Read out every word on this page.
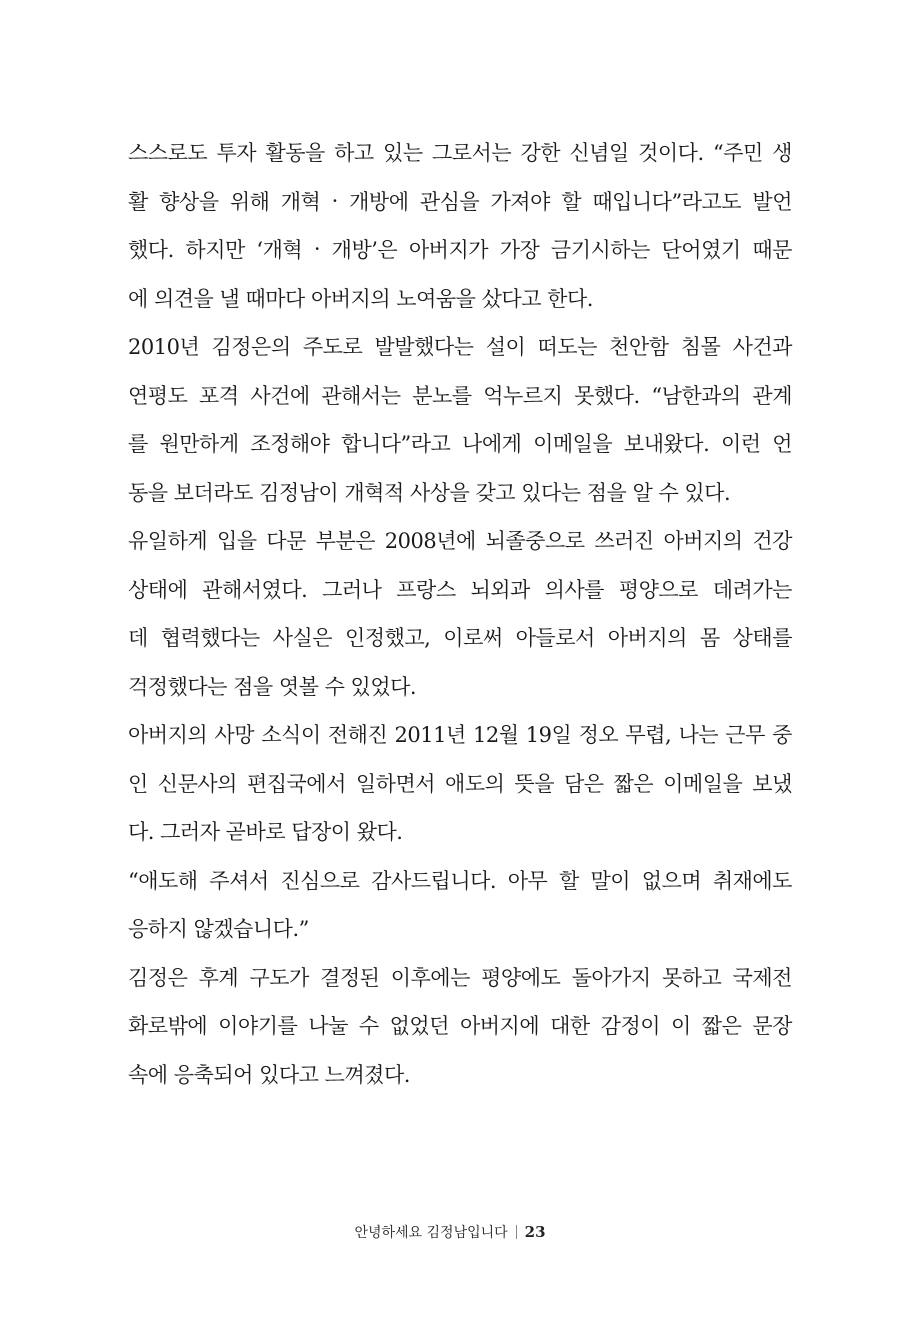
스스로도 투자 활동을 하고 있는 그로서는 강한 신념일 것이다. “주민 생
활 향상을 위해 개혁 · 개방에 관심을 가져야 할 때입니다”라고도 발언
했다. 하지만 ‘개혁 · 개방’은 아버지가 가장 금기시하는 단어였기 때문
에 의견을 낼 때마다 아버지의 노여움을 샀다고 한다.
2010년 김정은의 주도로 발발했다는 설이 떠도는 천안함 침몰 사건과
연평도 포격 사건에 관해서는 분노를 억누르지 못했다. “남한과의 관계
를 원만하게 조정해야 합니다”라고 나에게 이메일을 보내왔다. 이런 언
동을 보더라도 김정남이 개혁적 사상을 갖고 있다는 점을 알 수 있다.
유일하게 입을 다문 부분은 2008년에 뇌졸중으로 쓰러진 아버지의 건강
상태에 관해서였다. 그러나 프랑스 뇌외과 의사를 평양으로 데려가는
데 협력했다는 사실은 인정했고, 이로써 아들로서 아버지의 몸 상태를
걱정했다는 점을 엿볼 수 있었다.
아버지의 사망 소식이 전해진 2011년 12월 19일 정오 무렵, 나는 근무 중
인 신문사의 편집국에서 일하면서 애도의 뜻을 담은 짧은 이메일을 보냈
다. 그러자 곧바로 답장이 왔다.
“애도해 주셔서 진심으로 감사드립니다. 아무 할 말이 없으며 취재에도
응하지 않겠습니다.”
김정은 후계 구도가 결정된 이후에는 평양에도 돌아가지 못하고 국제전
화로밖에 이야기를 나눌 수 없었던 아버지에 대한 감정이 이 짧은 문장
속에 응축되어 있다고 느껴졌다.
안녕하세요 김정남입니다 23
